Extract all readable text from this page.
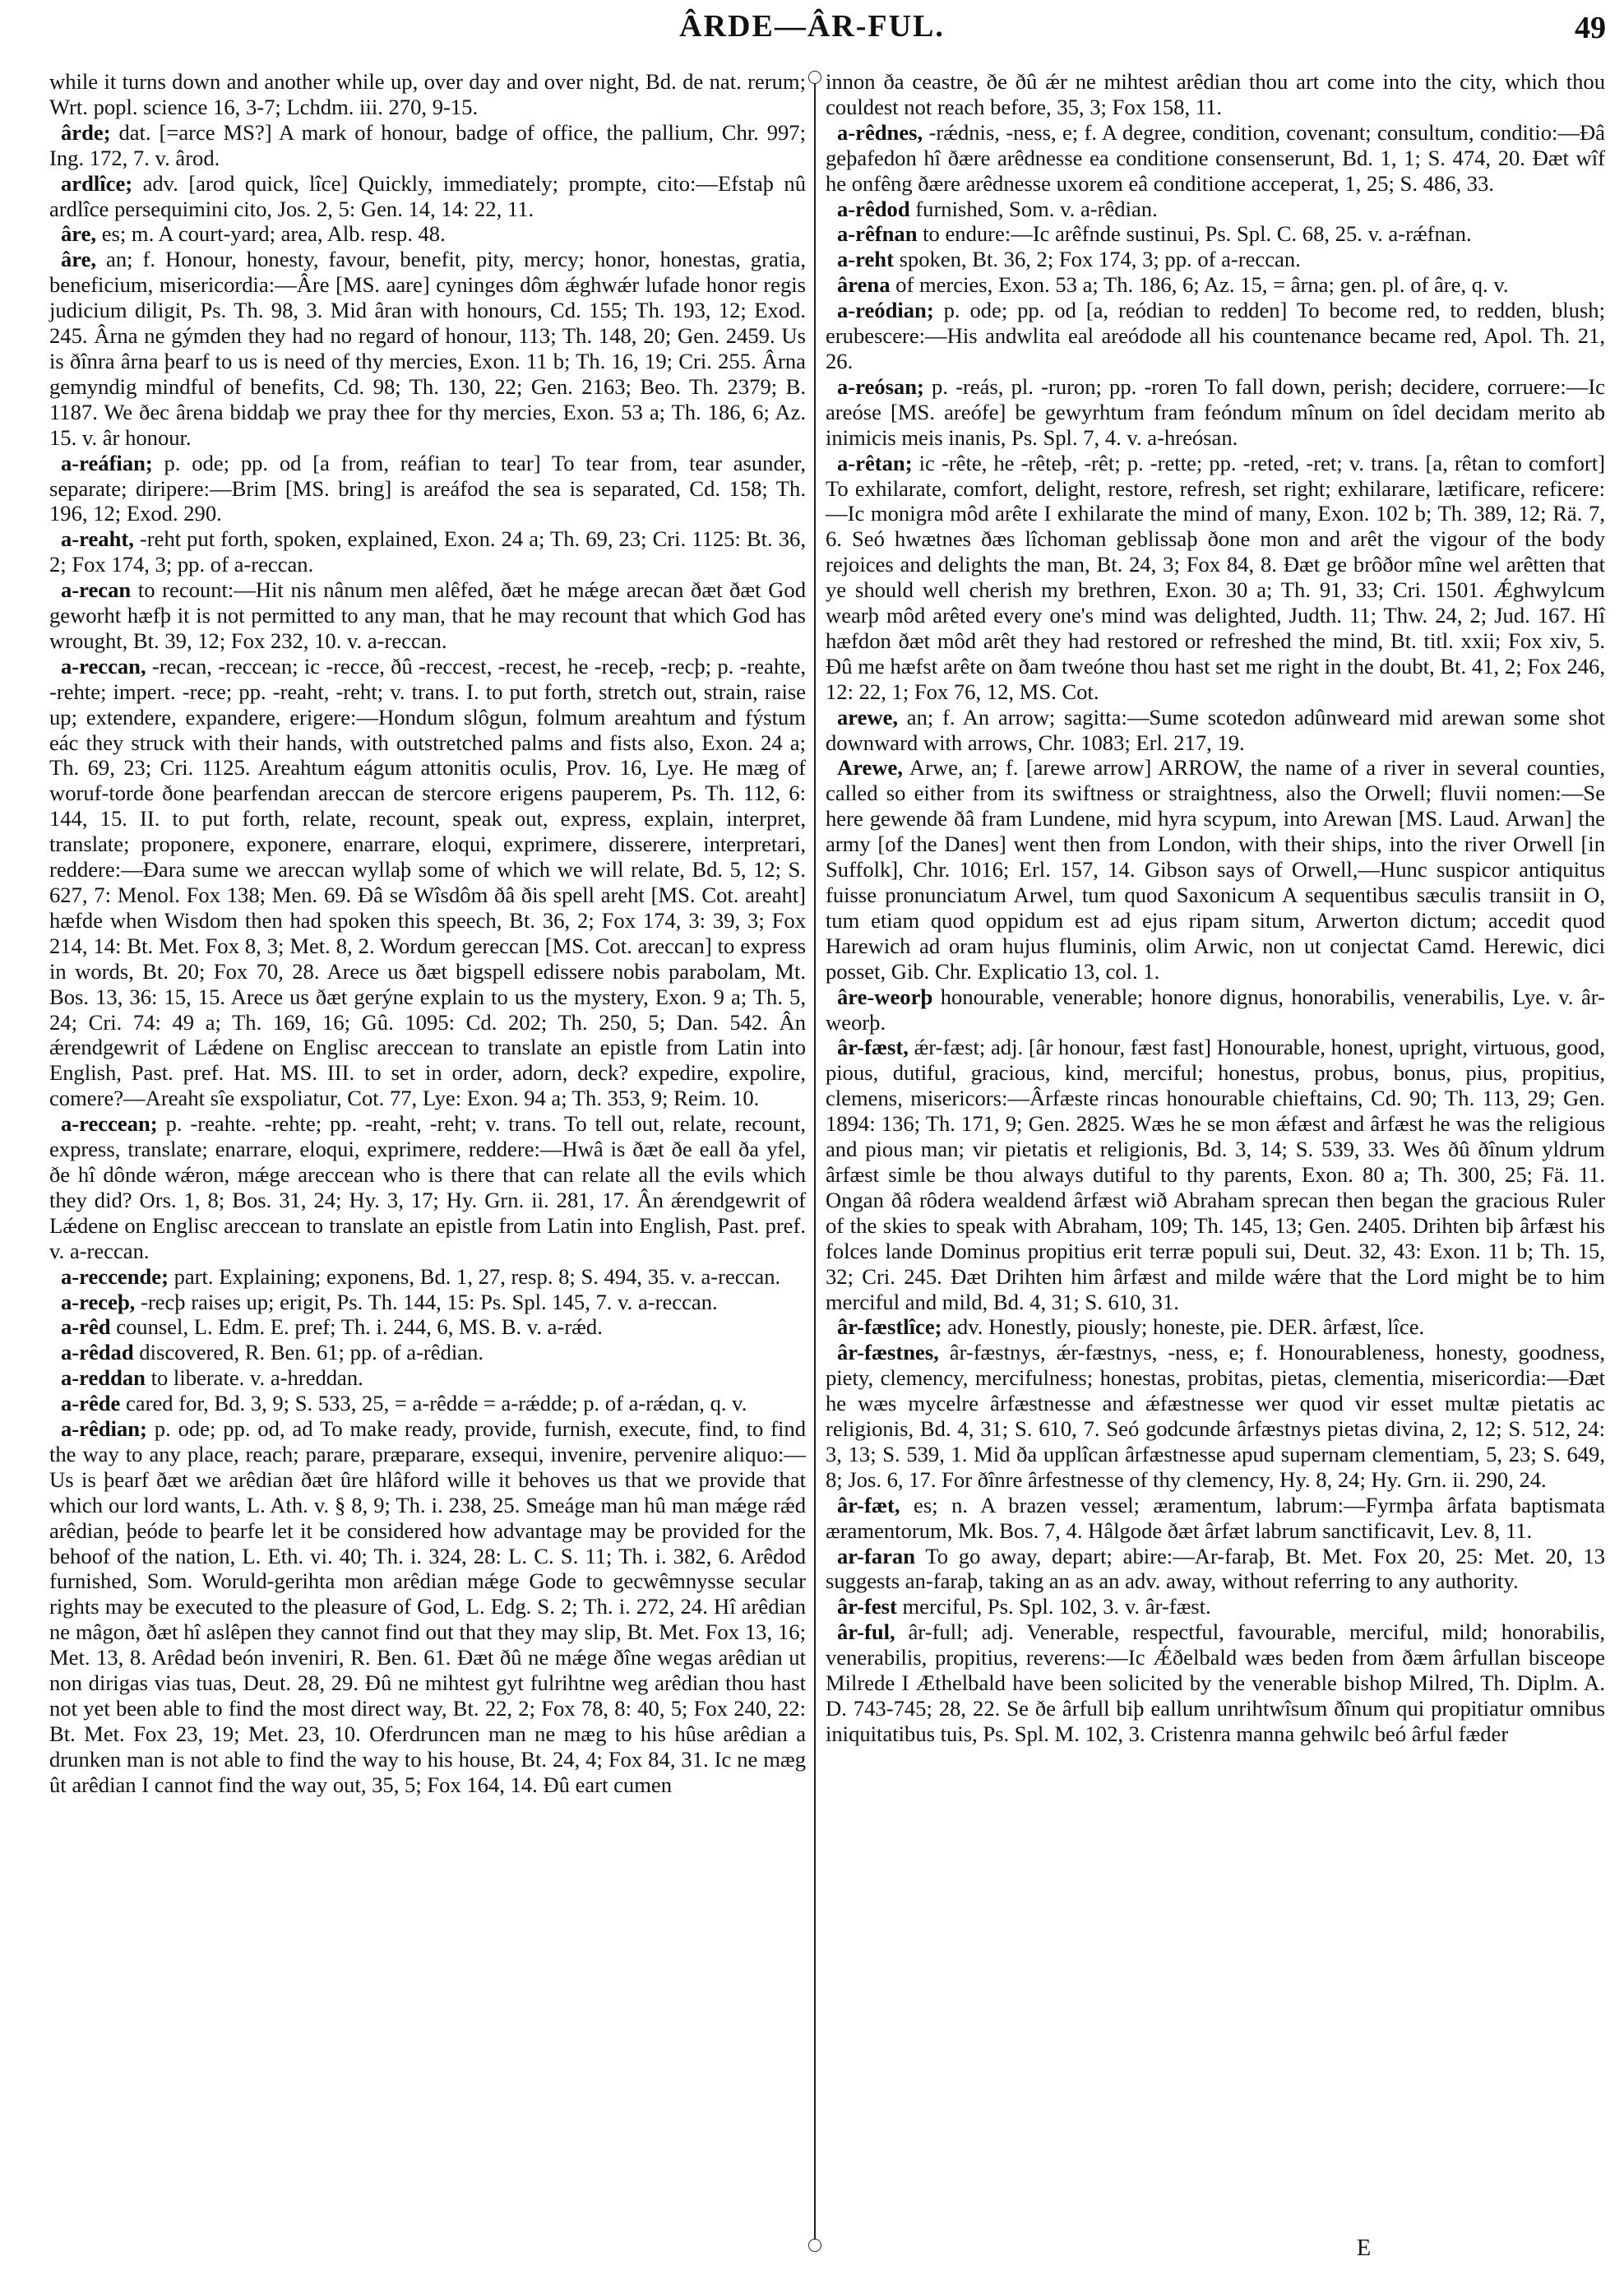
ÂRDE—ÂR-FUL.	49

while it turns down and another while up, over day and over night, Bd. de nat. rerum; Wrt. popl. science 16, 3-7; Lchdm. iii. 270, 9-15.

ârde; dat. [=arce MS?] A mark of honour, badge of office, the pallium, Chr. 997; Ing. 172, 7. v. ârod.

ardlîce; adv. [arod quick, lîce] Quickly, immediately; prompte, cito:—Efstaþ nû ardlîce persequimini cito, Jos. 2, 5: Gen. 14, 14: 22, 11.

âre, es; m. A court-yard; area, Alb. resp. 48.

âre, an; f. Honour, honesty, favour, benefit, pity, mercy; honor, honestas, gratia, beneficium, misericordia:—Âre [MS. aare] cyninges dôm ǽghwǽr lufade honor regis judicium diligit, Ps. Th. 98, 3. Mid âran with honours, Cd. 155; Th. 193, 12; Exod. 245. Ârna ne gýmden they had no regard of honour, 113; Th. 148, 20; Gen. 2459. Us is ðînra ârna þearf to us is need of thy mercies, Exon. 11 b; Th. 16, 19; Cri. 255. Ârna gemyndig mindful of benefits, Cd. 98; Th. 130, 22; Gen. 2163; Beo. Th. 2379; B. 1187. We ðec ârena biddaþ we pray thee for thy mercies, Exon. 53 a; Th. 186, 6; Az. 15. v. âr honour.

a-reáfian; p. ode; pp. od [a from, reáfian to tear] To tear from, tear asunder, separate; diripere:—Brim [MS. bring] is areáfod the sea is separated, Cd. 158; Th. 196, 12; Exod. 290.

a-reaht, -reht put forth, spoken, explained, Exon. 24 a; Th. 69, 23; Cri. 1125: Bt. 36, 2; Fox 174, 3; pp. of a-reccan.

a-recan to recount:—Hit nis nânum men alêfed, ðæt he mǽge arecan ðæt ðæt God geworht hæfþ it is not permitted to any man, that he may recount that which God has wrought, Bt. 39, 12; Fox 232, 10. v. a-reccan.

a-reccan, -recan, -reccean; ic -recce, ðû -reccest, -recest, he -receþ, -recþ; p. -reahte, -rehte; impert. -rece; pp. -reaht, -reht; v. trans. I. to put forth, stretch out, strain, raise up; extendere, expandere, erigere:—Hondum slôgun, folmum areahtum and fýstum eác they struck with their hands, with outstretched palms and fists also, Exon. 24 a; Th. 69, 23; Cri. 1125. Areahtum eágum attonitis oculis, Prov. 16, Lye. He mæg of woruf-torde ðone þearfendan areccan de stercore erigens pauperem, Ps. Th. 112, 6: 144, 15. II. to put forth, relate, recount, speak out, express, explain, interpret, translate; proponere, exponere, enarrare, eloqui, exprimere, disserere, interpretari, reddere:—Ðara sume we areccan wyllaþ some of which we will relate, Bd. 5, 12; S. 627, 7: Menol. Fox 138; Men. 69. Ðâ se Wîsdôm ðâ ðis spell areht [MS. Cot. areaht] hæfde when Wisdom then had spoken this speech, Bt. 36, 2; Fox 174, 3: 39, 3; Fox 214, 14: Bt. Met. Fox 8, 3; Met. 8, 2. Wordum gereccan [MS. Cot. areccan] to express in words, Bt. 20; Fox 70, 28. Arece us ðæt bigspell edissere nobis parabolam, Mt. Bos. 13, 36: 15, 15. Arece us ðæt gerýne explain to us the mystery, Exon. 9 a; Th. 5, 24; Cri. 74: 49 a; Th. 169, 16; Gû. 1095: Cd. 202; Th. 250, 5; Dan. 542. Ân ǽrendgewrit of Lǽdene on Englisc areccean to translate an epistle from Latin into English, Past. pref. Hat. MS. III. to set in order, adorn, deck? expedire, expolire, comere?—Areaht sîe exspoliatur, Cot. 77, Lye: Exon. 94 a; Th. 353, 9; Reim. 10.

a-reccean; p. -reahte. -rehte; pp. -reaht, -reht; v. trans. To tell out, relate, recount, express, translate; enarrare, eloqui, exprimere, reddere:—Hwâ is ðæt ðe eall ða yfel, ðe hî dônde wǽron, mǽge areccean who is there that can relate all the evils which they did? Ors. 1, 8; Bos. 31, 24; Hy. 3, 17; Hy. Grn. ii. 281, 17. Ân ǽrendgewrit of Lǽdene on Englisc areccean to translate an epistle from Latin into English, Past. pref. v. a-reccan.

a-reccende; part. Explaining; exponens, Bd. 1, 27, resp. 8; S. 494, 35. v. a-reccan.

a-receþ, -recþ raises up; erigit, Ps. Th. 144, 15: Ps. Spl. 145, 7. v. a-reccan.

a-rêd counsel, L. Edm. E. pref; Th. i. 244, 6, MS. B. v. a-rǽd.

a-rêdad discovered, R. Ben. 61; pp. of a-rêdian.

a-reddan to liberate. v. a-hreddan.

a-rêde cared for, Bd. 3, 9; S. 533, 25, = a-rêdde = a-rǽdde; p. of a-rǽdan, q. v.

a-rêdian; p. ode; pp. od, ad To make ready, provide, furnish, execute, find, to find the way to any place, reach; parare, præparare, exsequi, invenire, pervenire aliquo:—Us is þearf ðæt we arêdian ðæt ûre hlâford wille it behoves us that we provide that which our lord wants, L. Ath. v. § 8, 9; Th. i. 238, 25. Smeáge man hû man mǽge rǽd arêdian, þeóde to þearfe let it be considered how advantage may be provided for the behoof of the nation, L. Eth. vi. 40; Th. i. 324, 28: L. C. S. 11; Th. i. 382, 6. Arêdod furnished, Som. Woruld-gerihta mon arêdian mǽge Gode to gecwêmnysse secular rights may be executed to the pleasure of God, L. Edg. S. 2; Th. i. 272, 24. Hî arêdian ne mâgon, ðæt hî aslêpen they cannot find out that they may slip, Bt. Met. Fox 13, 16; Met. 13, 8. Arêdad beón inveniri, R. Ben. 61. Ðæt ðû ne mǽge ðîne wegas arêdian ut non dirigas vias tuas, Deut. 28, 29. Ðû ne mihtest gyt fulrihtne weg arêdian thou hast not yet been able to find the most direct way, Bt. 22, 2; Fox 78, 8: 40, 5; Fox 240, 22: Bt. Met. Fox 23, 19; Met. 23, 10. Oferdruncen man ne mæg to his hûse arêdian a drunken man is not able to find the way to his house, Bt. 24, 4; Fox 84, 31. Ic ne mæg ût arêdian I cannot find the way out, 35, 5; Fox 164, 14. Ðû eart cumen

innon ða ceastre, ðe ðû ǽr ne mihtest arêdian thou art come into the city, which thou couldest not reach before, 35, 3; Fox 158, 11.

a-rêdnes, -rǽdnis, -ness, e; f. A degree, condition, covenant; consultum, conditio:—Ðâ geþafedon hî ðære arêdnesse ea conditione consenserunt, Bd. 1, 1; S. 474, 20. Ðæt wîf he onfêng ðære arêdnesse uxorem eâ conditione acceperat, 1, 25; S. 486, 33.

a-rêdod furnished, Som. v. a-rêdian.

a-rêfnan to endure:—Ic arêfnde sustinui, Ps. Spl. C. 68, 25. v. a-rǽfnan.

a-reht spoken, Bt. 36, 2; Fox 174, 3; pp. of a-reccan.

ârena of mercies, Exon. 53 a; Th. 186, 6; Az. 15, = ârna; gen. pl. of âre, q. v.

a-reódian; p. ode; pp. od [a, reódian to redden] To become red, to redden, blush; erubescere:—His andwlita eal areódode all his countenance became red, Apol. Th. 21, 26.

a-reósan; p. -reás, pl. -ruron; pp. -roren To fall down, perish; decidere, corruere:—Ic areóse [MS. areófe] be gewyrhtum fram feóndum mînum on îdel decidam merito ab inimicis meis inanis, Ps. Spl. 7, 4. v. a-hreósan.

a-rêtan; ic -rête, he -rêteþ, -rêt; p. -rette; pp. -reted, -ret; v. trans. [a, rêtan to comfort] To exhilarate, comfort, delight, restore, refresh, set right; exhilarare, lætificare, reficere:—Ic monigra môd arête I exhilarate the mind of many, Exon. 102 b; Th. 389, 12; Rä. 7, 6. Seó hwætnes ðæs lîchoman geblissaþ ðone mon and arêt the vigour of the body rejoices and delights the man, Bt. 24, 3; Fox 84, 8. Ðæt ge brôðor mîne wel arêtten that ye should well cherish my brethren, Exon. 30 a; Th. 91, 33; Cri. 1501. Ǽghwylcum wearþ môd arêted every one's mind was delighted, Judth. 11; Thw. 24, 2; Jud. 167. Hî hæfdon ðæt môd arêt they had restored or refreshed the mind, Bt. titl. xxii; Fox xiv, 5. Ðû me hæfst arête on ðam tweóne thou hast set me right in the doubt, Bt. 41, 2; Fox 246, 12: 22, 1; Fox 76, 12, MS. Cot.

arewe, an; f. An arrow; sagitta:—Sume scotedon adûnweard mid arewan some shot downward with arrows, Chr. 1083; Erl. 217, 19.

Arewe, Arwe, an; f. [arewe arrow] ARROW, the name of a river in several counties, called so either from its swiftness or straightness, also the Orwell; fluvii nomen:—Se here gewende ðâ fram Lundene, mid hyra scypum, into Arewan [MS. Laud. Arwan] the army [of the Danes] went then from London, with their ships, into the river Orwell [in Suffolk], Chr. 1016; Erl. 157, 14. Gibson says of Orwell,—Hunc suspicor antiquitus fuisse pronunciatum Arwel, tum quod Saxonicum A sequentibus sæculis transiit in O, tum etiam quod oppidum est ad ejus ripam situm, Arwerton dictum; accedit quod Harewich ad oram hujus fluminis, olim Arwic, non ut conjectat Camd. Herewic, dici posset, Gib. Chr. Explicatio 13, col. 1.

âre-weorþ honourable, venerable; honore dignus, honorabilis, venerabilis, Lye. v. âr-weorþ.

âr-fæst, ǽr-fæst; adj. [âr honour, fæst fast] Honourable, honest, upright, virtuous, good, pious, dutiful, gracious, kind, merciful; honestus, probus, bonus, pius, propitius, clemens, misericors:—Ârfæste rincas honourable chieftains, Cd. 90; Th. 113, 29; Gen. 1894: 136; Th. 171, 9; Gen. 2825. Wæs he se mon ǽfæst and ârfæst he was the religious and pious man; vir pietatis et religionis, Bd. 3, 14; S. 539, 33. Wes ðû ðînum yldrum ârfæst simle be thou always dutiful to thy parents, Exon. 80 a; Th. 300, 25; Fä. 11. Ongan ðâ rôdera wealdend ârfæst wið Abraham sprecan then began the gracious Ruler of the skies to speak with Abraham, 109; Th. 145, 13; Gen. 2405. Drihten biþ ârfæst his folces lande Dominus propitius erit terræ populi sui, Deut. 32, 43: Exon. 11 b; Th. 15, 32; Cri. 245. Ðæt Drihten him ârfæst and milde wǽre that the Lord might be to him merciful and mild, Bd. 4, 31; S. 610, 31.

âr-fæstlîce; adv. Honestly, piously; honeste, pie. DER. ârfæst, lîce.

âr-fæstnes, âr-fæstnys, ǽr-fæstnys, -ness, e; f. Honourableness, honesty, goodness, piety, clemency, mercifulness; honestas, probitas, pietas, clementia, misericordia:—Ðæt he wæs mycelre ârfæstnesse and ǽfæstnesse wer quod vir esset multæ pietatis ac religionis, Bd. 4, 31; S. 610, 7. Seó godcunde ârfæstnys pietas divina, 2, 12; S. 512, 24: 3, 13; S. 539, 1. Mid ða upplîcan ârfæstnesse apud supernam clementiam, 5, 23; S. 649, 8; Jos. 6, 17. For ðînre ârfestnesse of thy clemency, Hy. 8, 24; Hy. Grn. ii. 290, 24.

âr-fæt, es; n. A brazen vessel; æramentum, labrum:—Fyrmþa ârfata baptismata æramentorum, Mk. Bos. 7, 4. Hâlgode ðæt ârfæt labrum sanctificavit, Lev. 8, 11.

ar-faran To go away, depart; abire:—Ar-faraþ, Bt. Met. Fox 20, 25: Met. 20, 13 suggests an-faraþ, taking an as an adv. away, without referring to any authority.

âr-fest merciful, Ps. Spl. 102, 3. v. âr-fæst.

âr-ful, âr-full; adj. Venerable, respectful, favourable, merciful, mild; honorabilis, venerabilis, propitius, reverens:—Ic Ǽðelbald wæs beden from ðæm ârfullan bisceope Milrede I Æthelbald have been solicited by the venerable bishop Milred, Th. Diplm. A. D. 743-745; 28, 22. Se ðe ârfull biþ eallum unrihtwîsum ðînum qui propitiatur omnibus iniquitatibus tuis, Ps. Spl. M. 102, 3. Cristenra manna gehwilc beó ârful fæder

E
